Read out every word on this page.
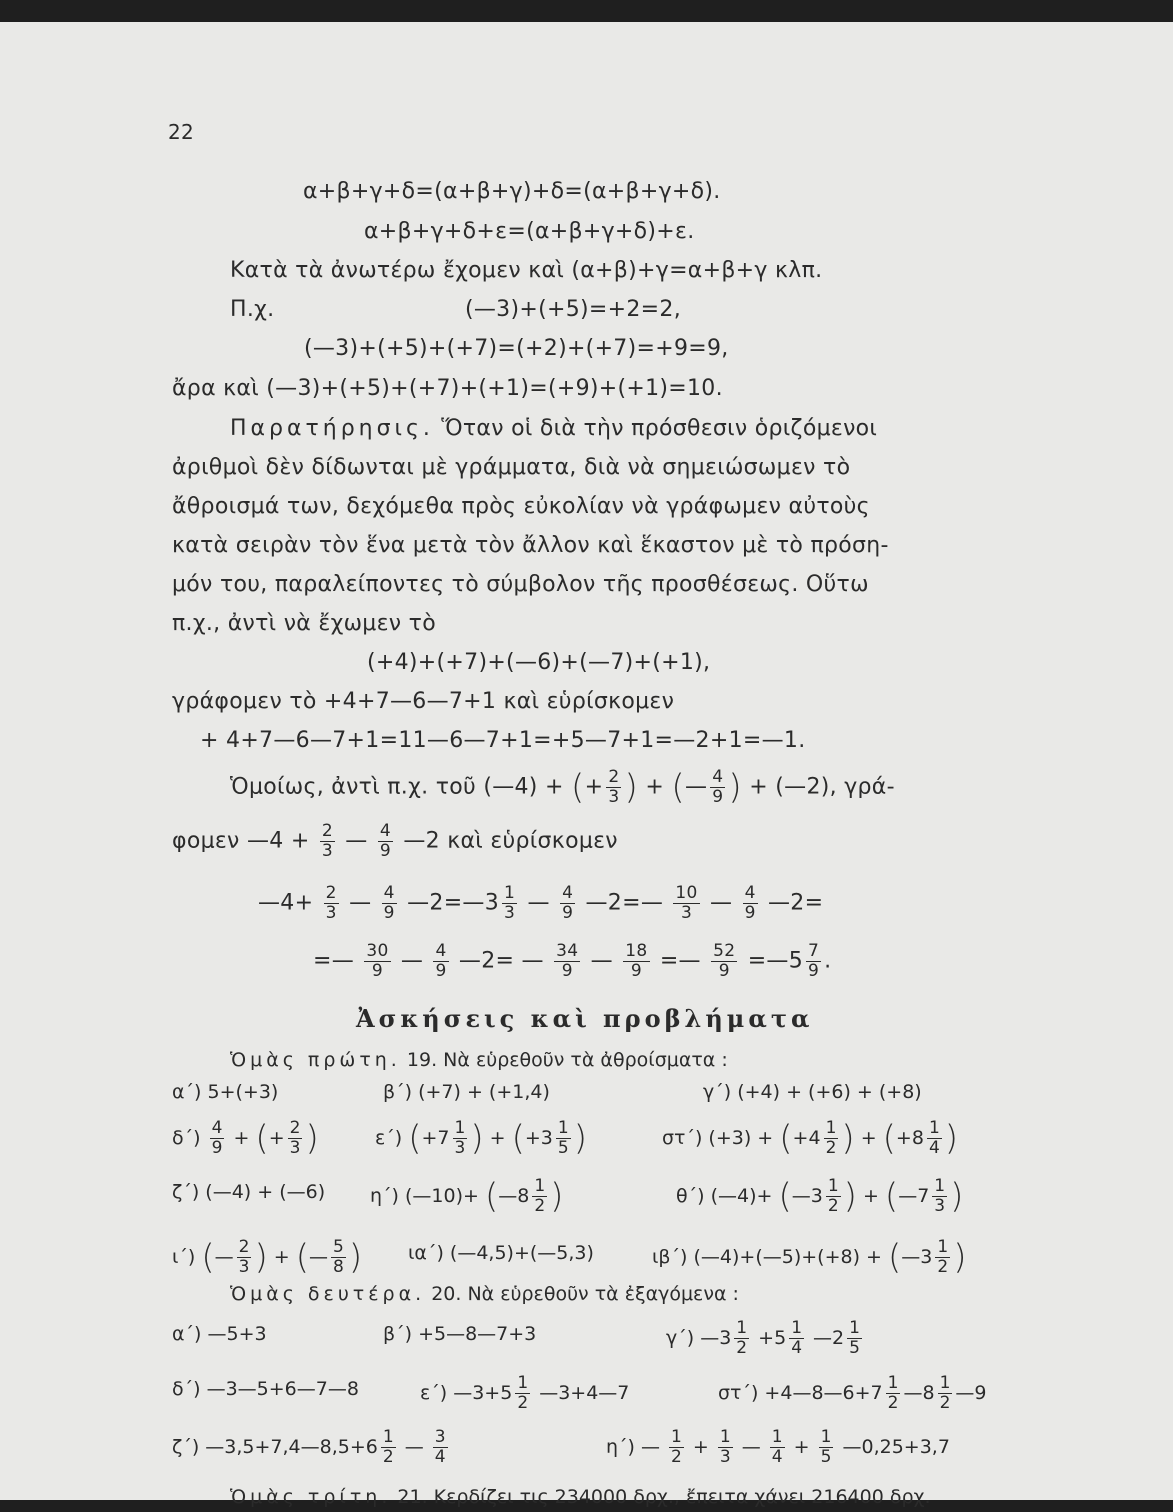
22
α+β+γ+δ=(α+β+γ)+δ=(α+β+γ+δ).
α+β+γ+δ+ε=(α+β+γ+δ)+ε.
Κατὰ τὰ ἀνωτέρω ἔχομεν καὶ (α+β)+γ=α+β+γ κλπ.
Π.χ.	(—3)+(+5)=+2=2,
(—3)+(+5)+(+7)=(+2)+(+7)=+9=9,
ἄρα καὶ (—3)+(+5)+(+7)+(+1)=(+9)+(+1)=10.
Παρατήρησις. Ὅταν οἱ διὰ τὴν πρόσθεσιν ὁριζόμενοι
ἀριθμοὶ δὲν δίδωνται μὲ γράμματα, διὰ νὰ σημειώσωμεν τὸ
ἄθροισμά των, δεχόμεθα πρὸς εὐκολίαν νὰ γράφωμεν αὐτοὺς
κατὰ σειρὰν τὸν ἕνα μετὰ τὸν ἄλλον καὶ ἕκαστον μὲ τὸ πρόση-
μόν του, παραλείποντες τὸ σύμβολον τῆς προσθέσεως. Οὕτω
π.χ., ἀντὶ νὰ ἔχωμεν τὸ
(+4)+(+7)+(—6)+(—7)+(+1),
γράφομεν τὸ +4+7—6—7+1 καὶ εὑρίσκομεν
+ 4+7—6—7+1=11—6—7+1=+5—7+1=—2+1=—1.
Ὁμοίως, ἀντὶ π.χ. τοῦ (—4) + (+ $\frac{2}{3}$ ) + (— $\frac{4}{9}$ ) + (—2), γρά-
φομεν —4 + $\frac{2}{3}$ — $\frac{4}{9}$ —2 καὶ εὑρίσκομεν
—4+ $\frac{2}{3}$ — $\frac{4}{9}$ —2=—3 $\frac{1}{3}$ — $\frac{4}{9}$ —2=— $\frac{10}{3}$ — $\frac{4}{9}$ —2=
=— $\frac{30}{9}$ — $\frac{4}{9}$ —2= — $\frac{34}{9}$ — $\frac{18}{9}$ =— $\frac{52}{9}$ =—5 $\frac{7}{9}$ .
Ἀσκήσεις καὶ προβλήματα
Ὁμὰς πρώτη. 19. Νὰ εὑρεθοῦν τὰ ἀθροίσματα :
α΄) 5+(+3)	β΄) (+7) + (+1,4)	γ΄) (+4) + (+6) + (+8)
$\delta΄) \frac{4}{9}$ + (+ $\frac{2}{3}$ )	ε΄) ($+7 \frac{1}{3}$ ) + ($+3 \frac{1}{5}$ )	στ΄) $(+3) + (+4 \frac{1}{2}$ ) + ($+8 \frac{1}{4}$ )
ζ΄) (—4) + (—6) η΄) (—10)+ (—8 $\frac{1}{2}$ )	θ΄) (—4)+ (—3 $\frac{1}{2}$ ) + (—7 $\frac{1}{3}$ )
ι΄) (— $\frac{2}{3}$ ) + (— $\frac{5}{8}$ ) ια΄) (—4,5)+(—5,3)	ιβ΄) (—4)+(—5)+(+8) + (—3 $\frac{1}{2}$ )
Ὁμὰς δευτέρα. 20. Νὰ εὑρεθοῦν τὰ ἐξαγόμενα :
α΄) —5+3	β΄) +5—8—7+3	γ΄) —3 $\frac{1}{2} +5 \frac{1}{4}$ —2 $\frac{1}{5}$
δ΄) —3—5+6—7—8	ε΄) —3+5 $\frac{1}{2}$ —3+4—7	στ΄) +4—8—6+7 $\frac{1}{2}$ —8 $\frac{1}{2}$ —9
ζ΄) —3,5+7,4—8,5+6 $\frac{1}{2}$ — $\frac{3}{4}$	η΄) — $\frac{1}{2} + \frac{1}{3}$ — $\frac{1}{4} + \frac{1}{5}$ —0,25+3,7
Ὁμὰς τρίτη. 21. Κερδίζει τις 234000 δρχ., ἔπειτα χάνει 216400 δρχ.
